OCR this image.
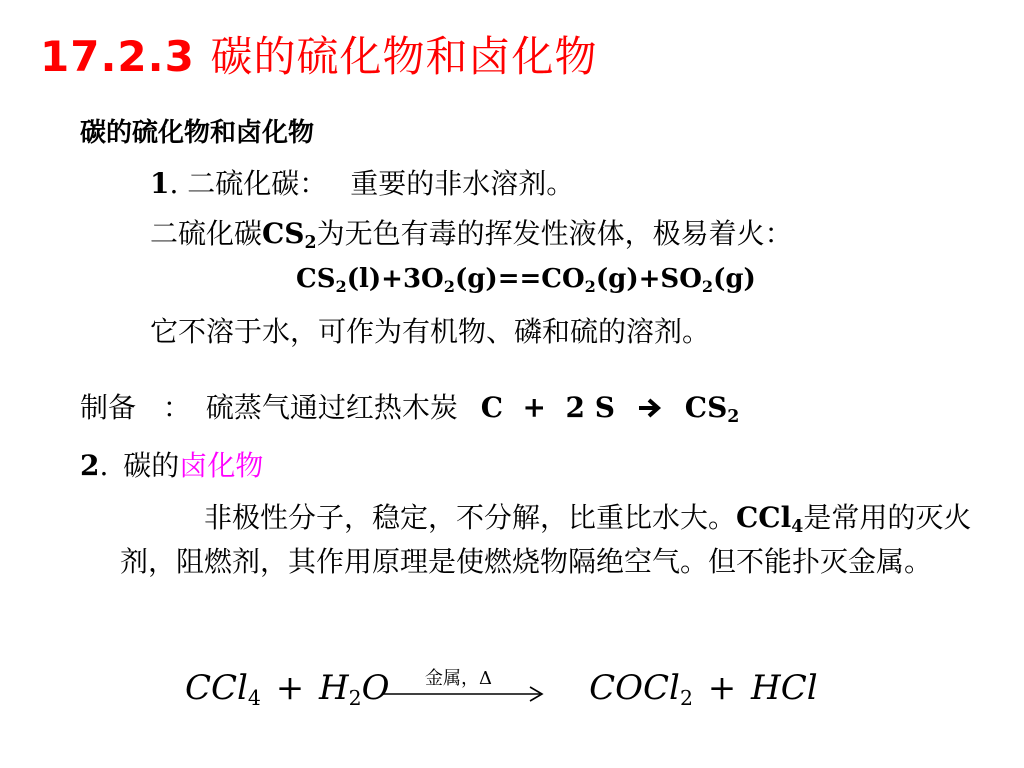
17.2.3 碳的硫化物和卤化物
碳的硫化物和卤化物
1. 二硫化碳： 重要的非水溶剂。
二硫化碳$CS_2$为无色有毒的挥发性液体，极易着火：
$CS_2(l)+3O_2(g)==CO_2(g)+SO_2(g)$
它不溶于水，可作为有机物、磷和硫的溶剂。
制备 ： 硫蒸气通过红热木炭 C  +  2 S $CS_2$
2. 碳的卤化物
非极性分子，稳定，不分解，比重比水大。CCl$_4$是常用的灭火剂，阻燃剂，其作用原理是使燃烧物隔绝空气。但不能扑灭金属。
$CCl_4 + H_2O$	COCl$_2$ + HCl
金属，Δ
